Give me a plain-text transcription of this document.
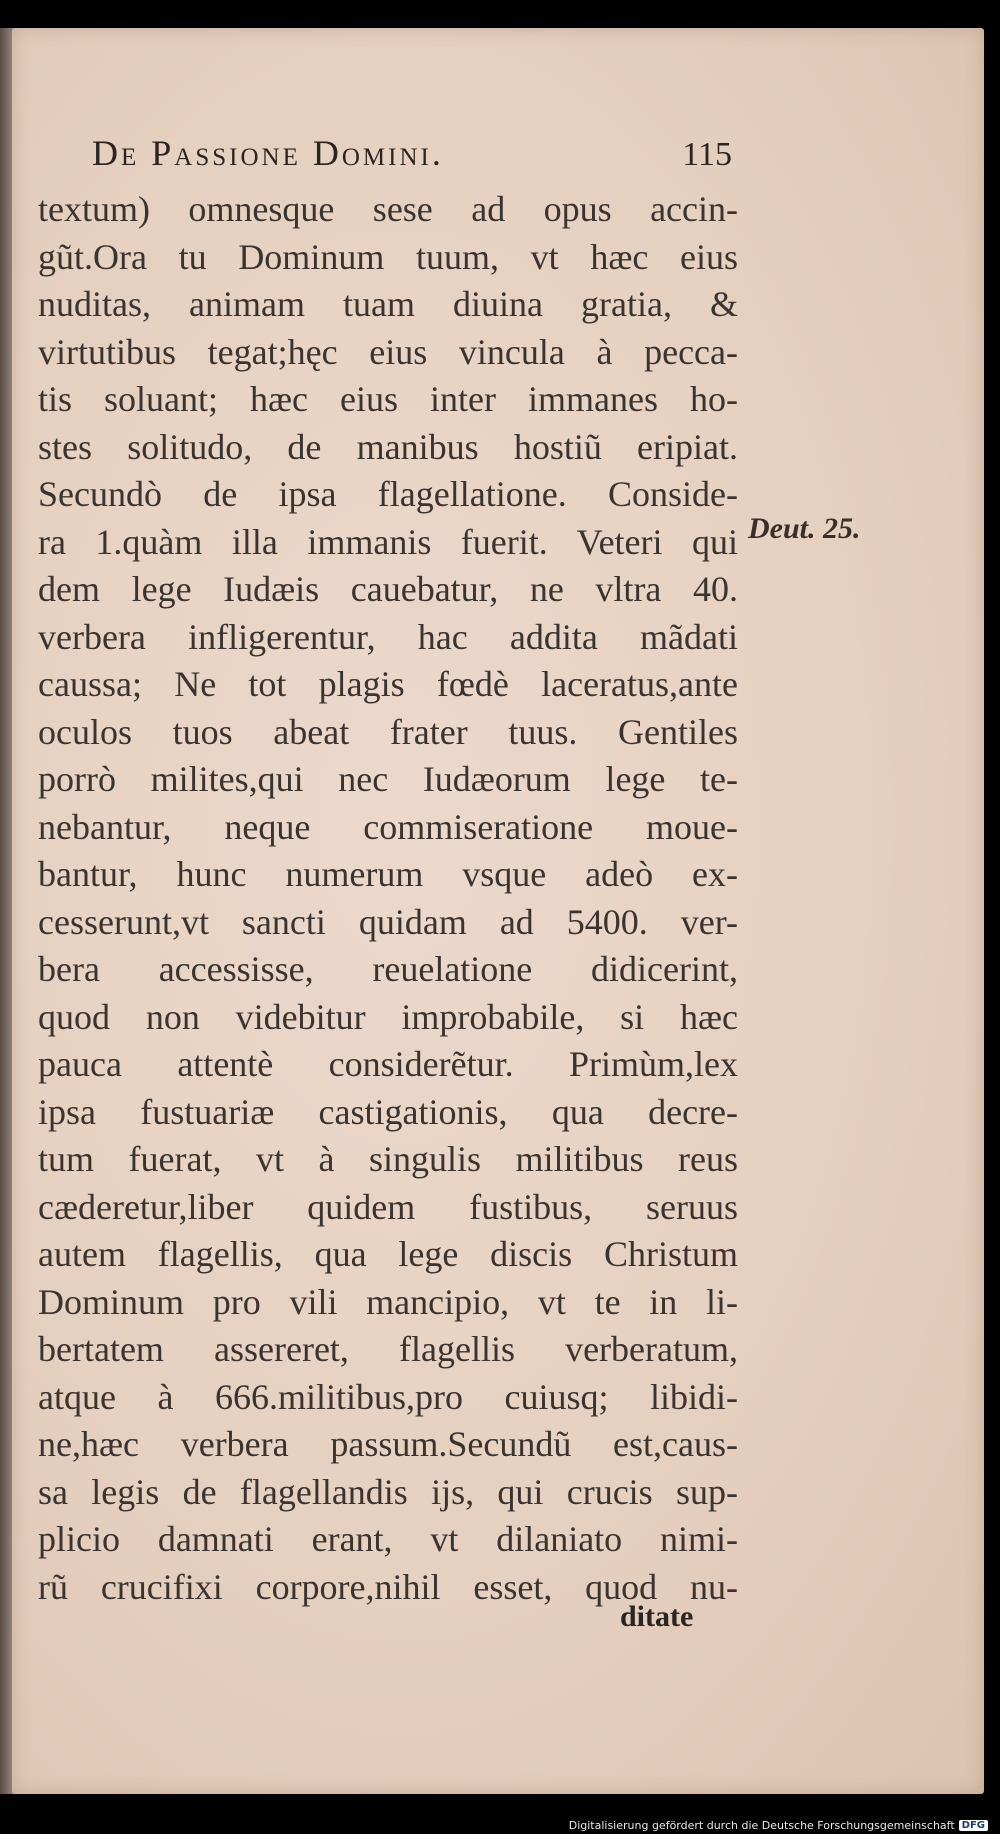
De Passione Domini.	115
Deut. 25.
textum) omnesque sese ad opus accin-
gũt.Ora tu Dominum tuum, vt hæc eius
nuditas, animam tuam diuina gratia, &
virtutibus tegat;hęc eius vincula à pecca-
tis soluant; hæc eius inter immanes ho-
stes solitudo, de manibus hostiũ eripiat.
Secundò de ipsa flagellatione. Conside-
ra 1.quàm illa immanis fuerit. Veteri qui
dem lege Iudæis cauebatur, ne vltra 40.
verbera infligerentur, hac addita mãdati
caussa; Ne tot plagis fœdè laceratus,ante
oculos tuos abeat frater tuus. Gentiles
porrò milites,qui nec Iudæorum lege te-
nebantur, neque commiseratione moue-
bantur, hunc numerum vsque adeò ex-
cesserunt,vt sancti quidam ad 5400. ver-
bera accessisse, reuelatione didicerint,
quod non videbitur improbabile, si hæc
pauca attentè considerẽtur. Primùm,lex
ipsa fustuariæ castigationis, qua decre-
tum fuerat, vt à singulis militibus reus
cæderetur,liber quidem fustibus, seruus
autem flagellis, qua lege discis Christum
Dominum pro vili mancipio, vt te in li-
bertatem assereret, flagellis verberatum,
atque à 666.militibus,pro cuiusq; libidi-
ne,hæc verbera passum.Secundũ est,caus-
sa legis de flagellandis ijs, qui crucis sup-
plicio damnati erant, vt dilaniato nimi-
rũ crucifixi corpore,nihil esset, quod nu-
ditate
Digitalisierung gefördert durch die Deutsche Forschungsgemeinschaft DFG
